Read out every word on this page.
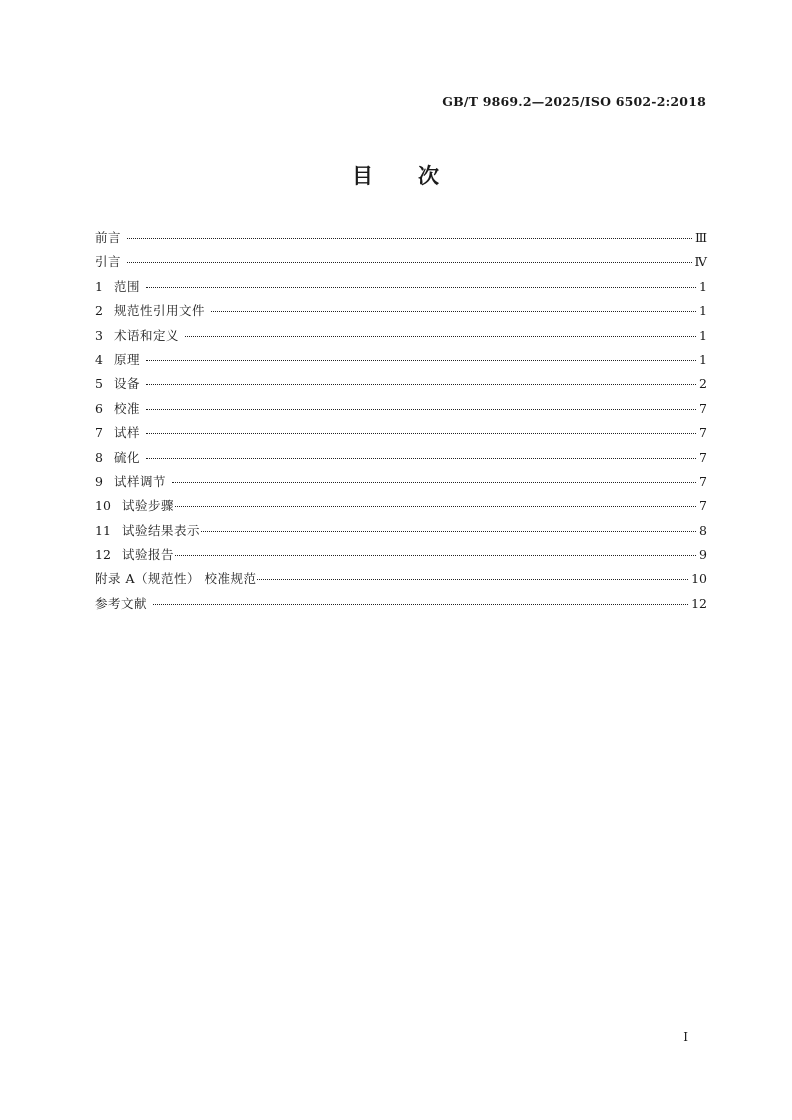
GB/T 9869.2—2025/ISO 6502-2:2018
目 次
前言	Ⅲ
引言	Ⅳ
1 范围	1
2 规范性引用文件	1
3 术语和定义	1
4 原理	1
5 设备	2
6 校准	7
7 试样	7
8 硫化	7
9 试样调节	7
10 试验步骤	7
11 试验结果表示	8
12 试验报告	9
附录 A（规范性） 校准规范	10
参考文献	12
I
